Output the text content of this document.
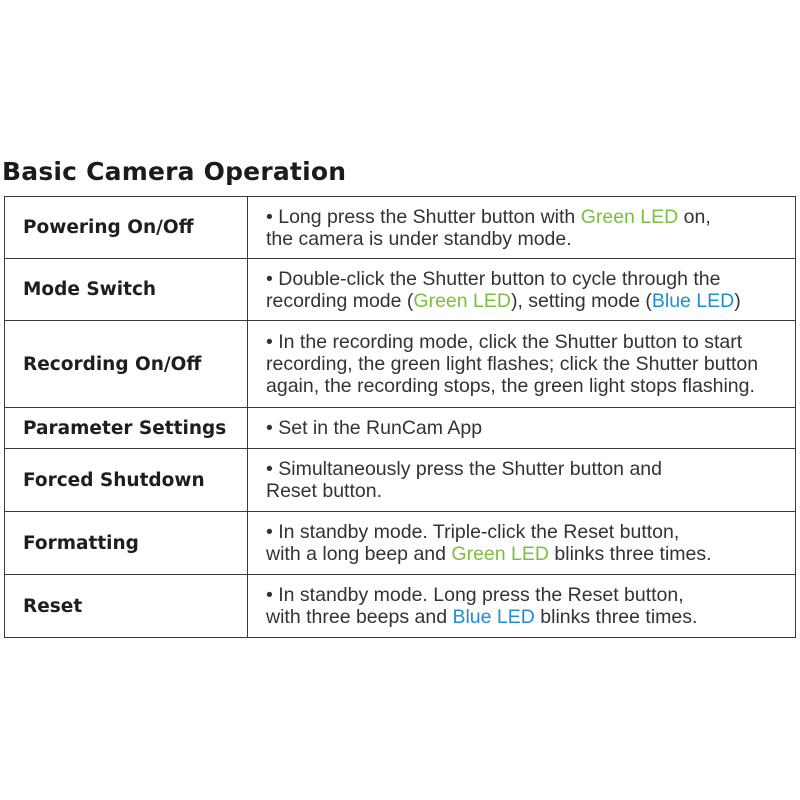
Basic Camera Operation
Powering On/Off	• Long press the Shutter button with Green LED on,
the camera is under standby mode.

Mode Switch	• Double-click the Shutter button to cycle through the
recording mode (Green LED), setting mode (Blue LED)

Recording On/Off	• In the recording mode, click the Shutter button to start
recording, the green light flashes; click the Shutter button
again, the recording stops, the green light stops flashing.

Parameter Settings	• Set in the RunCam App

Forced Shutdown	• Simultaneously press the Shutter button and
Reset button.

Formatting	• In standby mode. Triple-click the Reset button,
with a long beep and Green LED blinks three times.

Reset	• In standby mode. Long press the Reset button,
with three beeps and Blue LED blinks three times.
